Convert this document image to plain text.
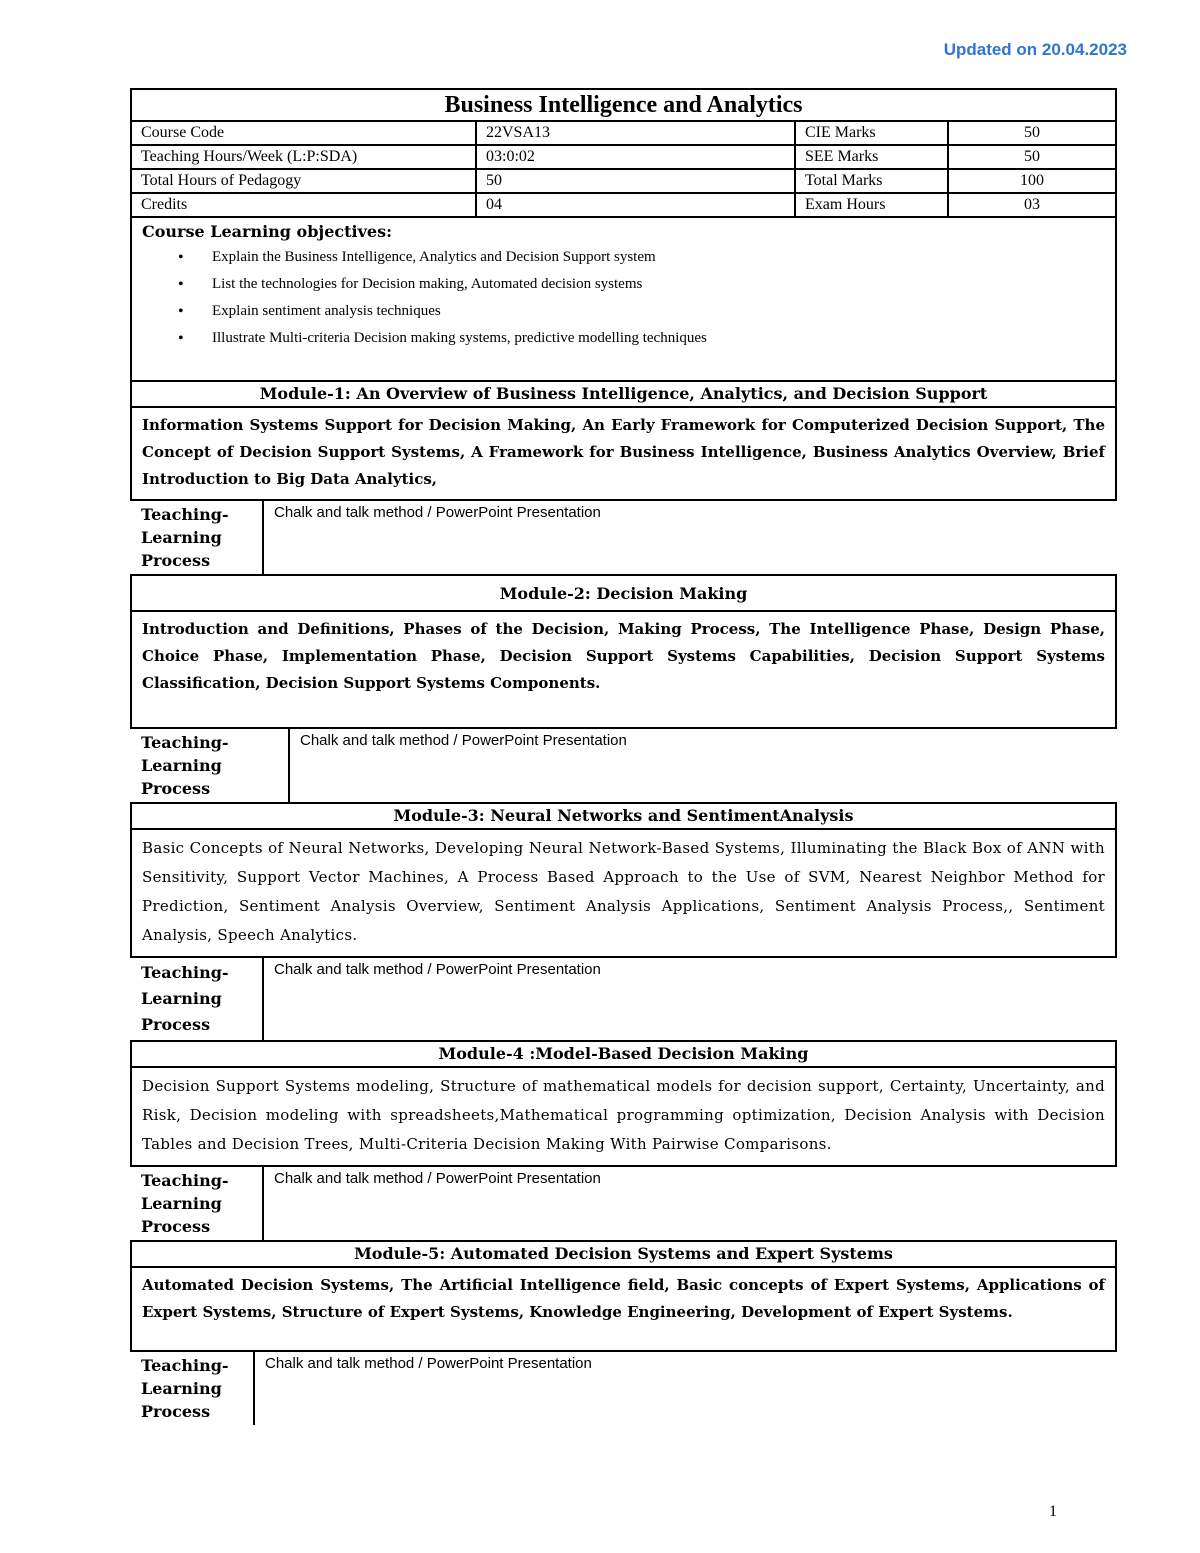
Updated on 20.04.2023
Business Intelligence and Analytics
Course Code	22VSA13	CIE Marks	50
Teaching Hours/Week (L:P:SDA)	03:0:02	SEE Marks	50
Total Hours of Pedagogy	50	Total Marks	100
Credits	04	Exam Hours	03

Course Learning objectives:
• Explain the Business Intelligence, Analytics and Decision Support system
• List the technologies for Decision making, Automated decision systems
• Explain sentiment analysis techniques
• Illustrate Multi-criteria Decision making systems, predictive modelling techniques

Module-1: An Overview of Business Intelligence, Analytics, and Decision Support
Information Systems Support for Decision Making, An Early Framework for Computerized Decision Support, The Concept of Decision Support Systems, A Framework for Business Intelligence, Business Analytics Overview, Brief Introduction to Big Data Analytics,

Teaching-Learning Process	Chalk and talk method / PowerPoint Presentation

Module-2: Decision Making
Introduction and Definitions, Phases of the Decision, Making Process, The Intelligence Phase, Design Phase, Choice Phase, Implementation Phase, Decision Support Systems Capabilities, Decision Support Systems Classification, Decision Support Systems Components.

Teaching-Learning Process	Chalk and talk method / PowerPoint Presentation

Module-3: Neural Networks and SentimentAnalysis
Basic Concepts of Neural Networks, Developing Neural Network-Based Systems, Illuminating the Black Box of ANN with Sensitivity, Support Vector Machines, A Process Based Approach to the Use of SVM, Nearest Neighbor Method for Prediction, Sentiment Analysis Overview, Sentiment Analysis Applications, Sentiment Analysis Process,, Sentiment Analysis, Speech Analytics.

Teaching-Learning Process	Chalk and talk method / PowerPoint Presentation

Module-4 :Model-Based Decision Making
Decision Support Systems modeling, Structure of mathematical models for decision support, Certainty, Uncertainty, and Risk, Decision modeling with spreadsheets,Mathematical programming optimization, Decision Analysis with Decision Tables and Decision Trees, Multi-Criteria Decision Making With Pairwise Comparisons.

Teaching-Learning Process	Chalk and talk method / PowerPoint Presentation

Module-5: Automated Decision Systems and Expert Systems
Automated Decision Systems, The Artificial Intelligence field, Basic concepts of Expert Systems, Applications of Expert Systems, Structure of Expert Systems, Knowledge Engineering, Development of Expert Systems.

Teaching-Learning Process	Chalk and talk method / PowerPoint Presentation
1
